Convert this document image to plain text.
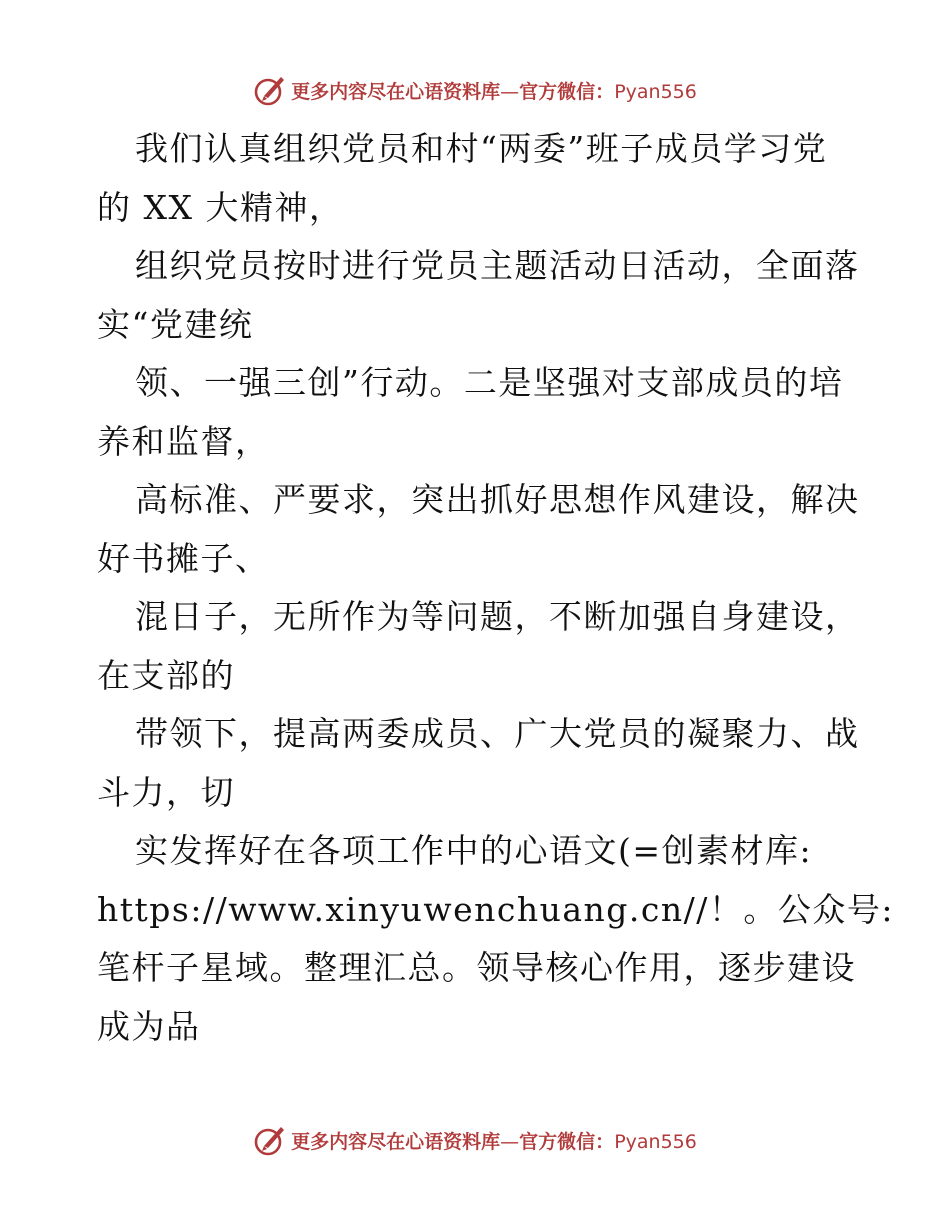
更多内容尽在心语资料库—官方微信：Pyan556
我们认真组织党员和村“两委”班子成员学习党
的 XX 大精神，
组织党员按时进行党员主题活动日活动，全面落
实“党建统
领、一强三创”行动。二是坚强对支部成员的培
养和监督，
高标准、严要求，突出抓好思想作风建设，解决
好书摊子、
混日子，无所作为等问题，不断加强自身建设，
在支部的
带领下，提高两委成员、广大党员的凝聚力、战
斗力，切
实发挥好在各项工作中的心语文(=创素材库:
https://www.xinyuwenchuang.cn//！。公众号:
笔杆子星域。整理汇总。领导核心作用，逐步建设
成为品
更多内容尽在心语资料库—官方微信：Pyan556
